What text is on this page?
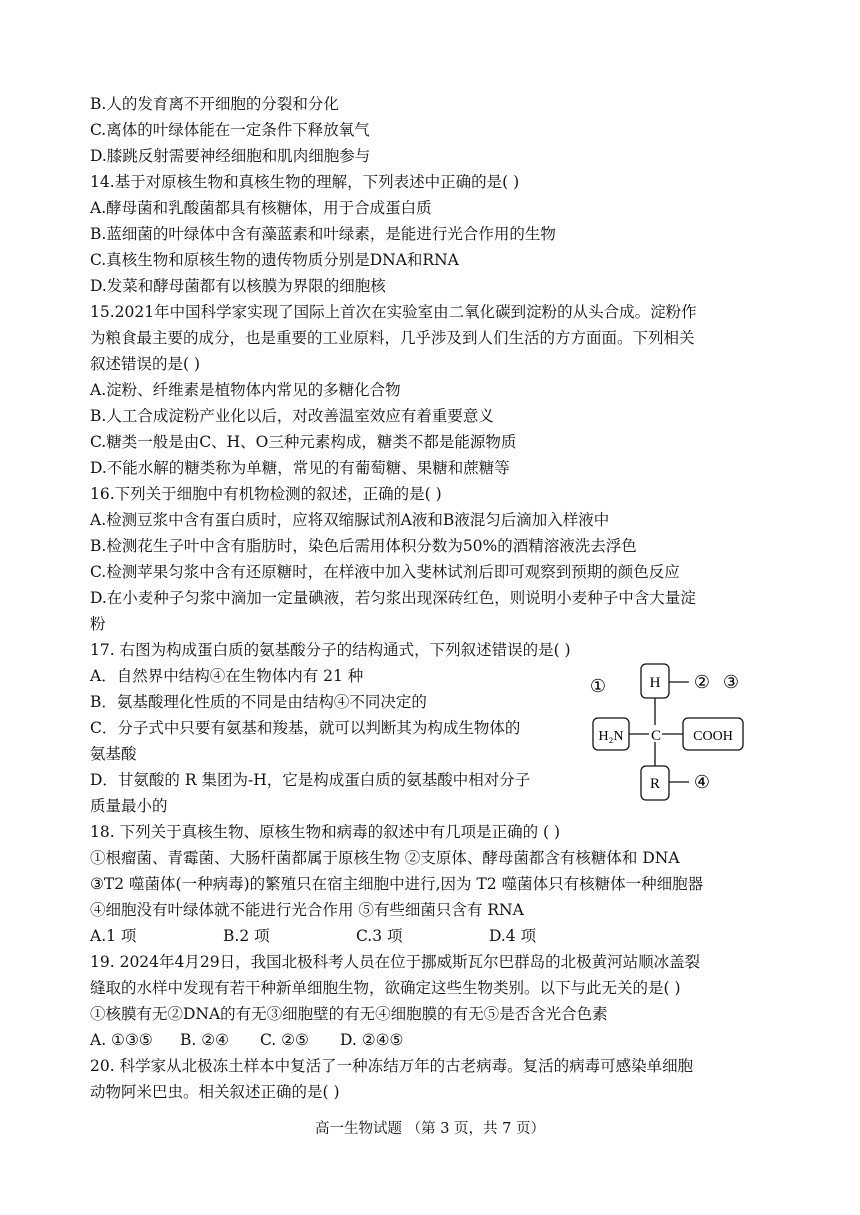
B.人的发育离不开细胞的分裂和分化
C.离体的叶绿体能在一定条件下释放氧气
D.膝跳反射需要神经细胞和肌肉细胞参与
14.基于对原核生物和真核生物的理解，下列表述中正确的是( )
A.酵母菌和乳酸菌都具有核糖体，用于合成蛋白质
B.蓝细菌的叶绿体中含有藻蓝素和叶绿素，是能进行光合作用的生物
C.真核生物和原核生物的遗传物质分别是DNA和RNA
D.发菜和酵母菌都有以核膜为界限的细胞核
15.2021年中国科学家实现了国际上首次在实验室由二氧化碳到淀粉的从头合成。淀粉作
为粮食最主要的成分，也是重要的工业原料，几乎涉及到人们生活的方方面面。下列相关
叙述错误的是( )
A.淀粉、纤维素是植物体内常见的多糖化合物
B.人工合成淀粉产业化以后，对改善温室效应有着重要意义
C.糖类一般是由C、H、O三种元素构成，糖类不都是能源物质
D.不能水解的糖类称为单糖，常见的有葡萄糖、果糖和蔗糖等
16.下列关于细胞中有机物检测的叙述，正确的是( )
A.检测豆浆中含有蛋白质时，应将双缩脲试剂A液和B液混匀后滴加入样液中
B.检测花生子叶中含有脂肪时，染色后需用体积分数为50%的酒精溶液洗去浮色
C.检测苹果匀浆中含有还原糖时，在样液中加入斐林试剂后即可观察到预期的颜色反应
D.在小麦种子匀浆中滴加一定量碘液，若匀浆出现深砖红色，则说明小麦种子中含大量淀
粉
17. 右图为构成蛋白质的氨基酸分子的结构通式，下列叙述错误的是( )
A．自然界中结构④在生物体内有 21 种
B．氨基酸理化性质的不同是由结构④不同决定的
C．分子式中只要有氨基和羧基，就可以判断其为构成生物体的
氨基酸
D．甘氨酸的 R 集团为-H，它是构成蛋白质的氨基酸中相对分子
质量最小的
H
H₂N C COOH
R
①	② ③
④
18. 下列关于真核生物、原核生物和病毒的叙述中有几项是正确的 ( )
①根瘤菌、青霉菌、大肠杆菌都属于原核生物 ②支原体、酵母菌都含有核糖体和 DNA
③T2 噬菌体(一种病毒)的繁殖只在宿主细胞中进行,因为 T2 噬菌体只有核糖体一种细胞器
④细胞没有叶绿体就不能进行光合作用 ⑤有些细菌只含有 RNA
A.1 项	B.2 项	C.3 项	D.4 项
19. 2024年4月29日，我国北极科考人员在位于挪威斯瓦尔巴群岛的北极黄河站顺冰盖裂
缝取的水样中发现有若干种新单细胞生物，欲确定这些生物类别。以下与此无关的是( )
①核膜有无②DNA的有无③细胞壁的有无④细胞膜的有无⑤是否含光合色素
A. ①③⑤	B. ②④	C. ②⑤	D. ②④⑤
20. 科学家从北极冻土样本中复活了一种冻结万年的古老病毒。复活的病毒可感染单细胞
动物阿米巴虫。相关叙述正确的是( )
高一生物试题 （第 3 页，共 7 页）
